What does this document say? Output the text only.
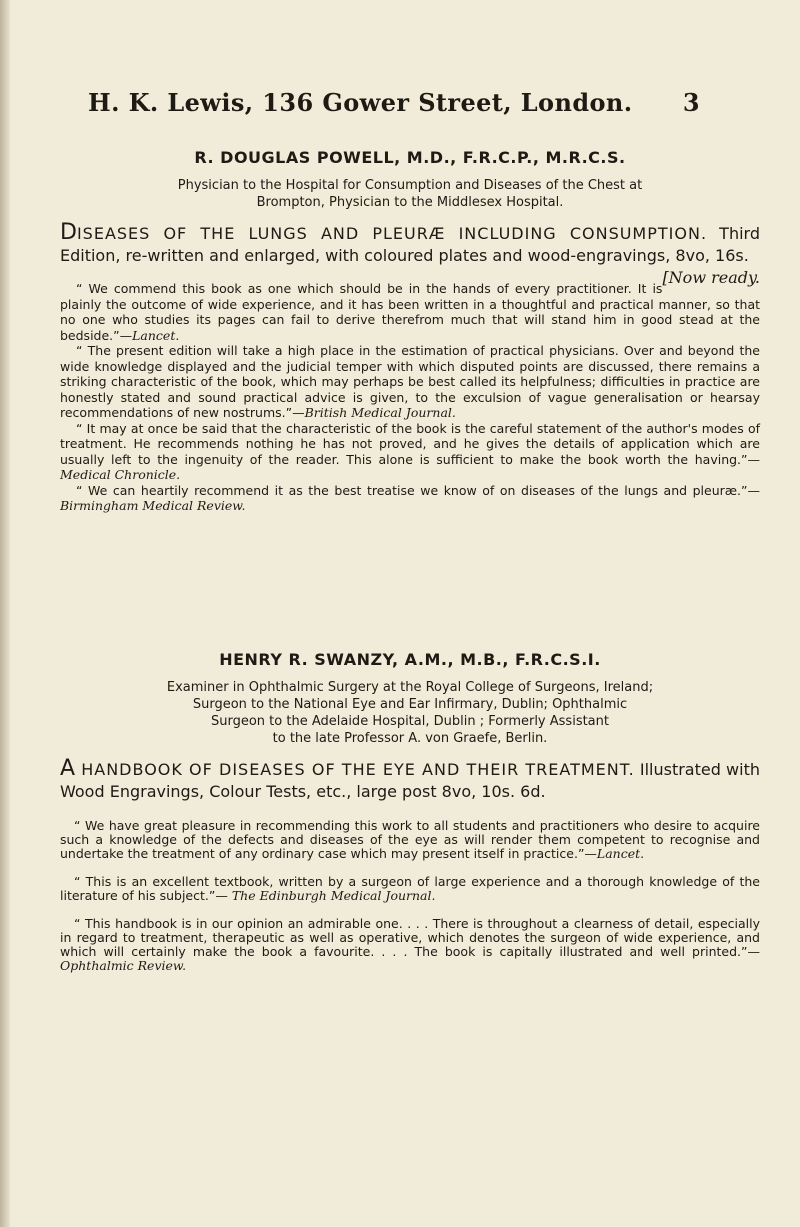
H. K. Lewis, 136 Gower Street, London. 3
R. DOUGLAS POWELL, M.D., F.R.C.P., M.R.C.S.
Physician to the Hospital for Consumption and Diseases of the Chest at
Brompton, Physician to the Middlesex Hospital.
DISEASES OF THE LUNGS AND PLEURÆ INCLUDING CONSUMPTION. Third Edition, re-written and enlarged, with coloured plates and wood-engravings, 8vo, 16s.
[Now ready.

“ We commend this book as one which should be in the hands of every practitioner. It is plainly the outcome of wide experience, and it has been written in a thoughtful and practical manner, so that no one who studies its pages can fail to derive therefrom much that will stand him in good stead at the bedside.”—Lancet.

“ The present edition will take a high place in the estimation of practical physicians. Over and beyond the wide knowledge displayed and the judicial temper with which disputed points are discussed, there remains a striking characteristic of the book, which may perhaps be best called its helpfulness; difficulties in practice are honestly stated and sound practical advice is given, to the exculsion of vague generalisation or hearsay recommendations of new nostrums.”—British Medical Journal.

“ It may at once be said that the characteristic of the book is the careful statement of the author's modes of treatment. He recommends nothing he has not proved, and he gives the details of application which are usually left to the ingenuity of the reader. This alone is sufficient to make the book worth the having.”—Medical Chronicle.

“ We can heartily recommend it as the best treatise we know of on diseases of the lungs and pleuræ.”—Birmingham Medical Review.

HENRY R. SWANZY, A.M., M.B., F.R.C.S.I.
Examiner in Ophthalmic Surgery at the Royal College of Surgeons, Ireland;
Surgeon to the National Eye and Ear Infirmary, Dublin; Ophthalmic
Surgeon to the Adelaide Hospital, Dublin ; Formerly Assistant
to the late Professor A. von Graefe, Berlin.
A HANDBOOK OF DISEASES OF THE EYE AND THEIR TREATMENT. Illustrated with Wood Engravings, Colour Tests, etc., large post 8vo, 10s. 6d.

“ We have great pleasure in recommending this work to all students and practitioners who desire to acquire such a knowledge of the defects and diseases of the eye as will render them competent to recognise and undertake the treatment of any ordinary case which may present itself in practice.”—Lancet.

“ This is an excellent textbook, written by a surgeon of large experience and a thorough knowledge of the literature of his subject.”— The Edinburgh Medical Journal.

“ This handbook is in our opinion an admirable one. . . . There is throughout a clearness of detail, especially in regard to treatment, therapeutic as well as operative, which denotes the surgeon of wide experience, and which will certainly make the book a favourite. . . . The book is capitally illustrated and well printed.”— Ophthalmic Review.
